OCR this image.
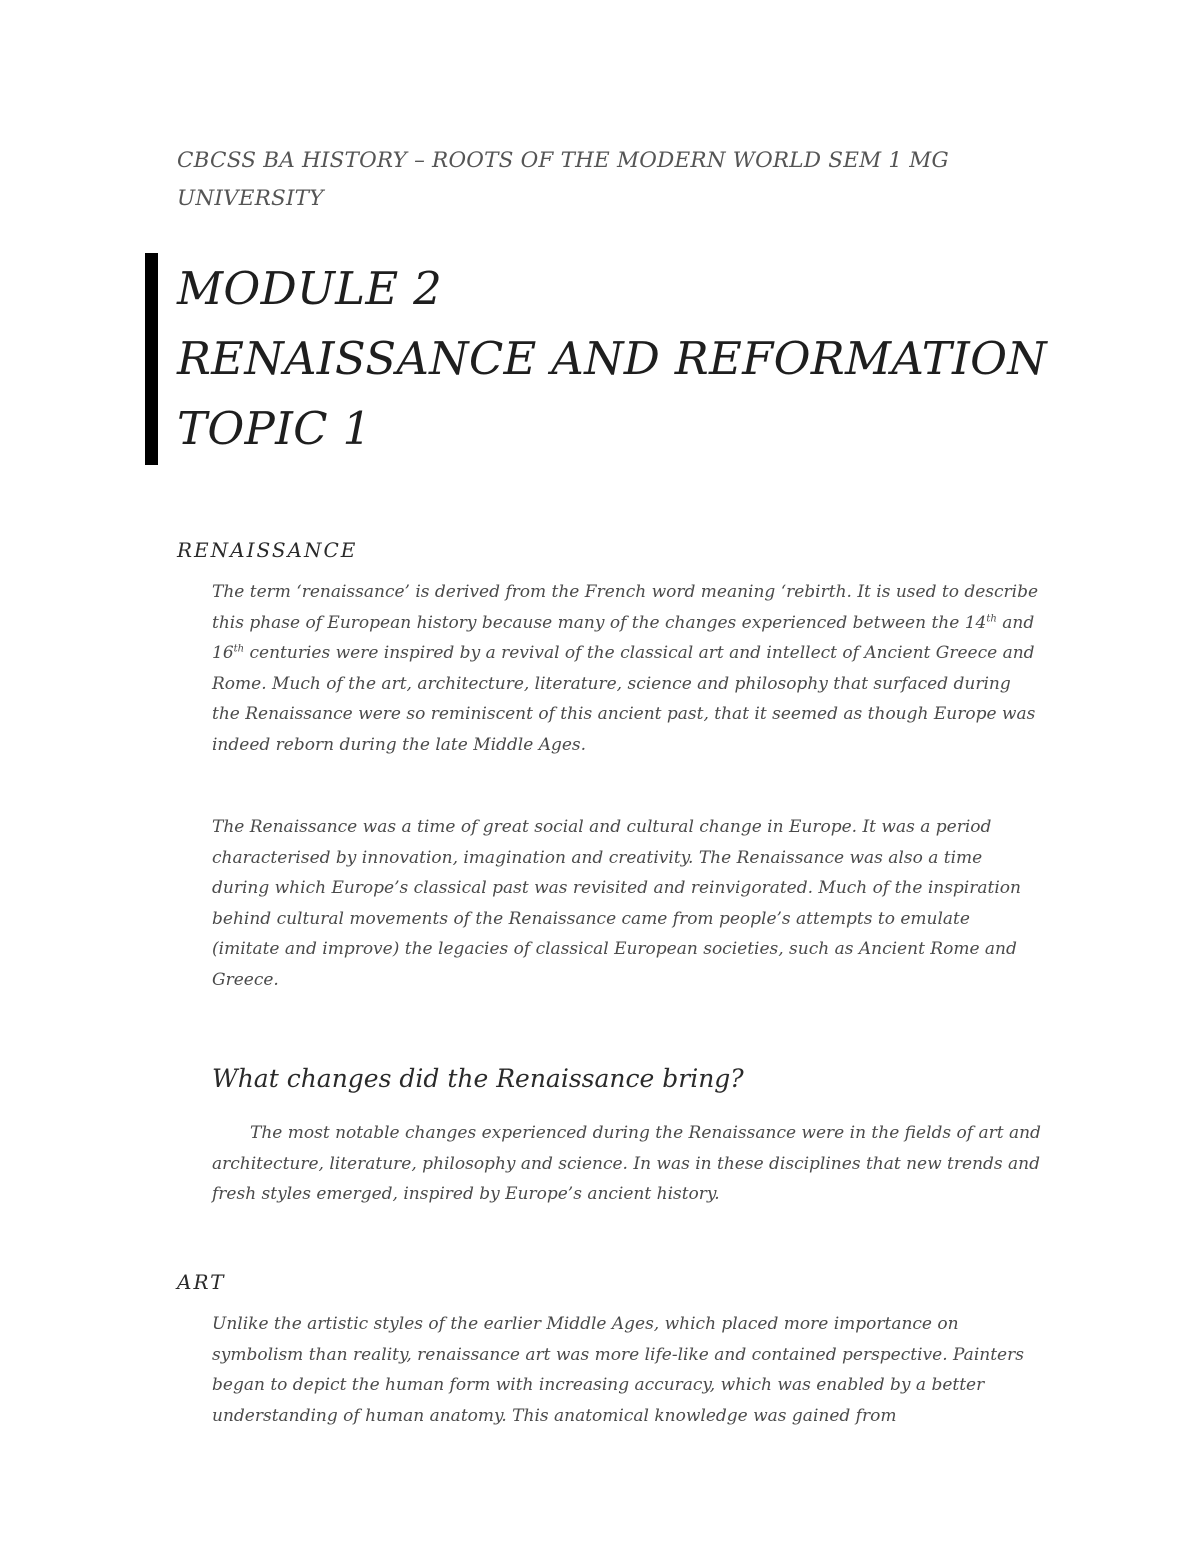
CBCSS BA HISTORY – ROOTS OF THE MODERN WORLD SEM 1 MG UNIVERSITY
MODULE 2
RENAISSANCE AND REFORMATION
TOPIC 1
RENAISSANCE
The term ‘renaissance’ is derived from the French word meaning ‘rebirth. It is used to describe this phase of European history because many of the changes experienced between the 14th and 16th centuries were inspired by a revival of the classical art and intellect of Ancient Greece and Rome. Much of the art, architecture, literature, science and philosophy that surfaced during the Renaissance were so reminiscent of this ancient past, that it seemed as though Europe was indeed reborn during the late Middle Ages.
The Renaissance was a time of great social and cultural change in Europe. It was a period characterised by innovation, imagination and creativity. The Renaissance was also a time during which Europe’s classical past was revisited and reinvigorated. Much of the inspiration behind cultural movements of the Renaissance came from people’s attempts to emulate (imitate and improve) the legacies of classical European societies, such as Ancient Rome and Greece.
What changes did the Renaissance bring?
The most notable changes experienced during the Renaissance were in the fields of art and architecture, literature, philosophy and science. In was in these disciplines that new trends and fresh styles emerged, inspired by Europe’s ancient history.
ART
Unlike the artistic styles of the earlier Middle Ages, which placed more importance on symbolism than reality, renaissance art was more life-like and contained perspective. Painters began to depict the human form with increasing accuracy, which was enabled by a better understanding of human anatomy. This anatomical knowledge was gained from
